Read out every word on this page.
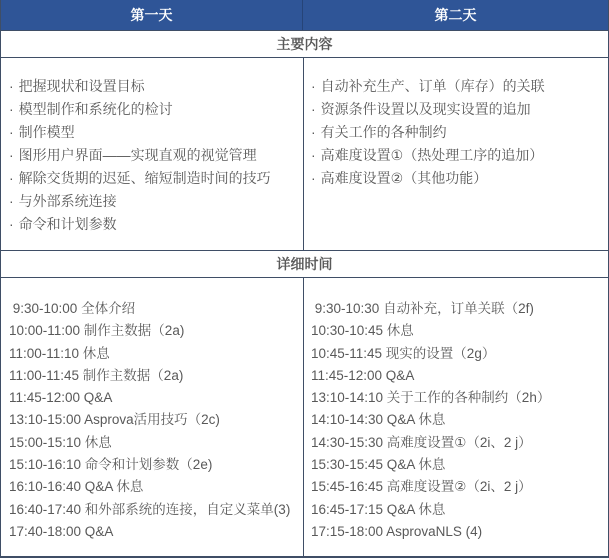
第一天	第二天
主要内容
· 把握现状和设置目标
· 模型制作和系统化的检讨
· 制作模型
· 图形用户界面——实现直观的视觉管理
· 解除交货期的迟延、缩短制造时间的技巧
· 与外部系统连接
· 命令和计划参数
· 自动补充生产、订单（库存）的关联
· 资源条件设置以及现实设置的追加
· 有关工作的各种制约
· 高难度设置①（热处理工序的追加）
· 高难度设置②（其他功能）
详细时间
9:30-10:00 全体介绍
10:00-11:00 制作主数据（2a)
11:00-11:10 休息
11:00-11:45 制作主数据（2a)
11:45-12:00 Q&A
13:10-15:00 Asprova活用技巧（2c)
15:00-15:10 休息
15:10-16:10 命令和计划参数（2e)
16:10-16:40 Q&A 休息
16:40-17:40 和外部系统的连接，自定义菜单(3)
17:40-18:00 Q&A
9:30-10:30 自动补充，订单关联（2f)
10:30-10:45 休息
10:45-11:45 现实的设置（2g）
11:45-12:00 Q&A
13:10-14:10 关于工作的各种制约（2h）
14:10-14:30 Q&A 休息
14:30-15:30 高难度设置①（2i、2 j）
15:30-15:45 Q&A 休息
15:45-16:45 高难度设置②（2i、2 j）
16:45-17:15 Q&A 休息
17:15-18:00 AsprovaNLS (4)
